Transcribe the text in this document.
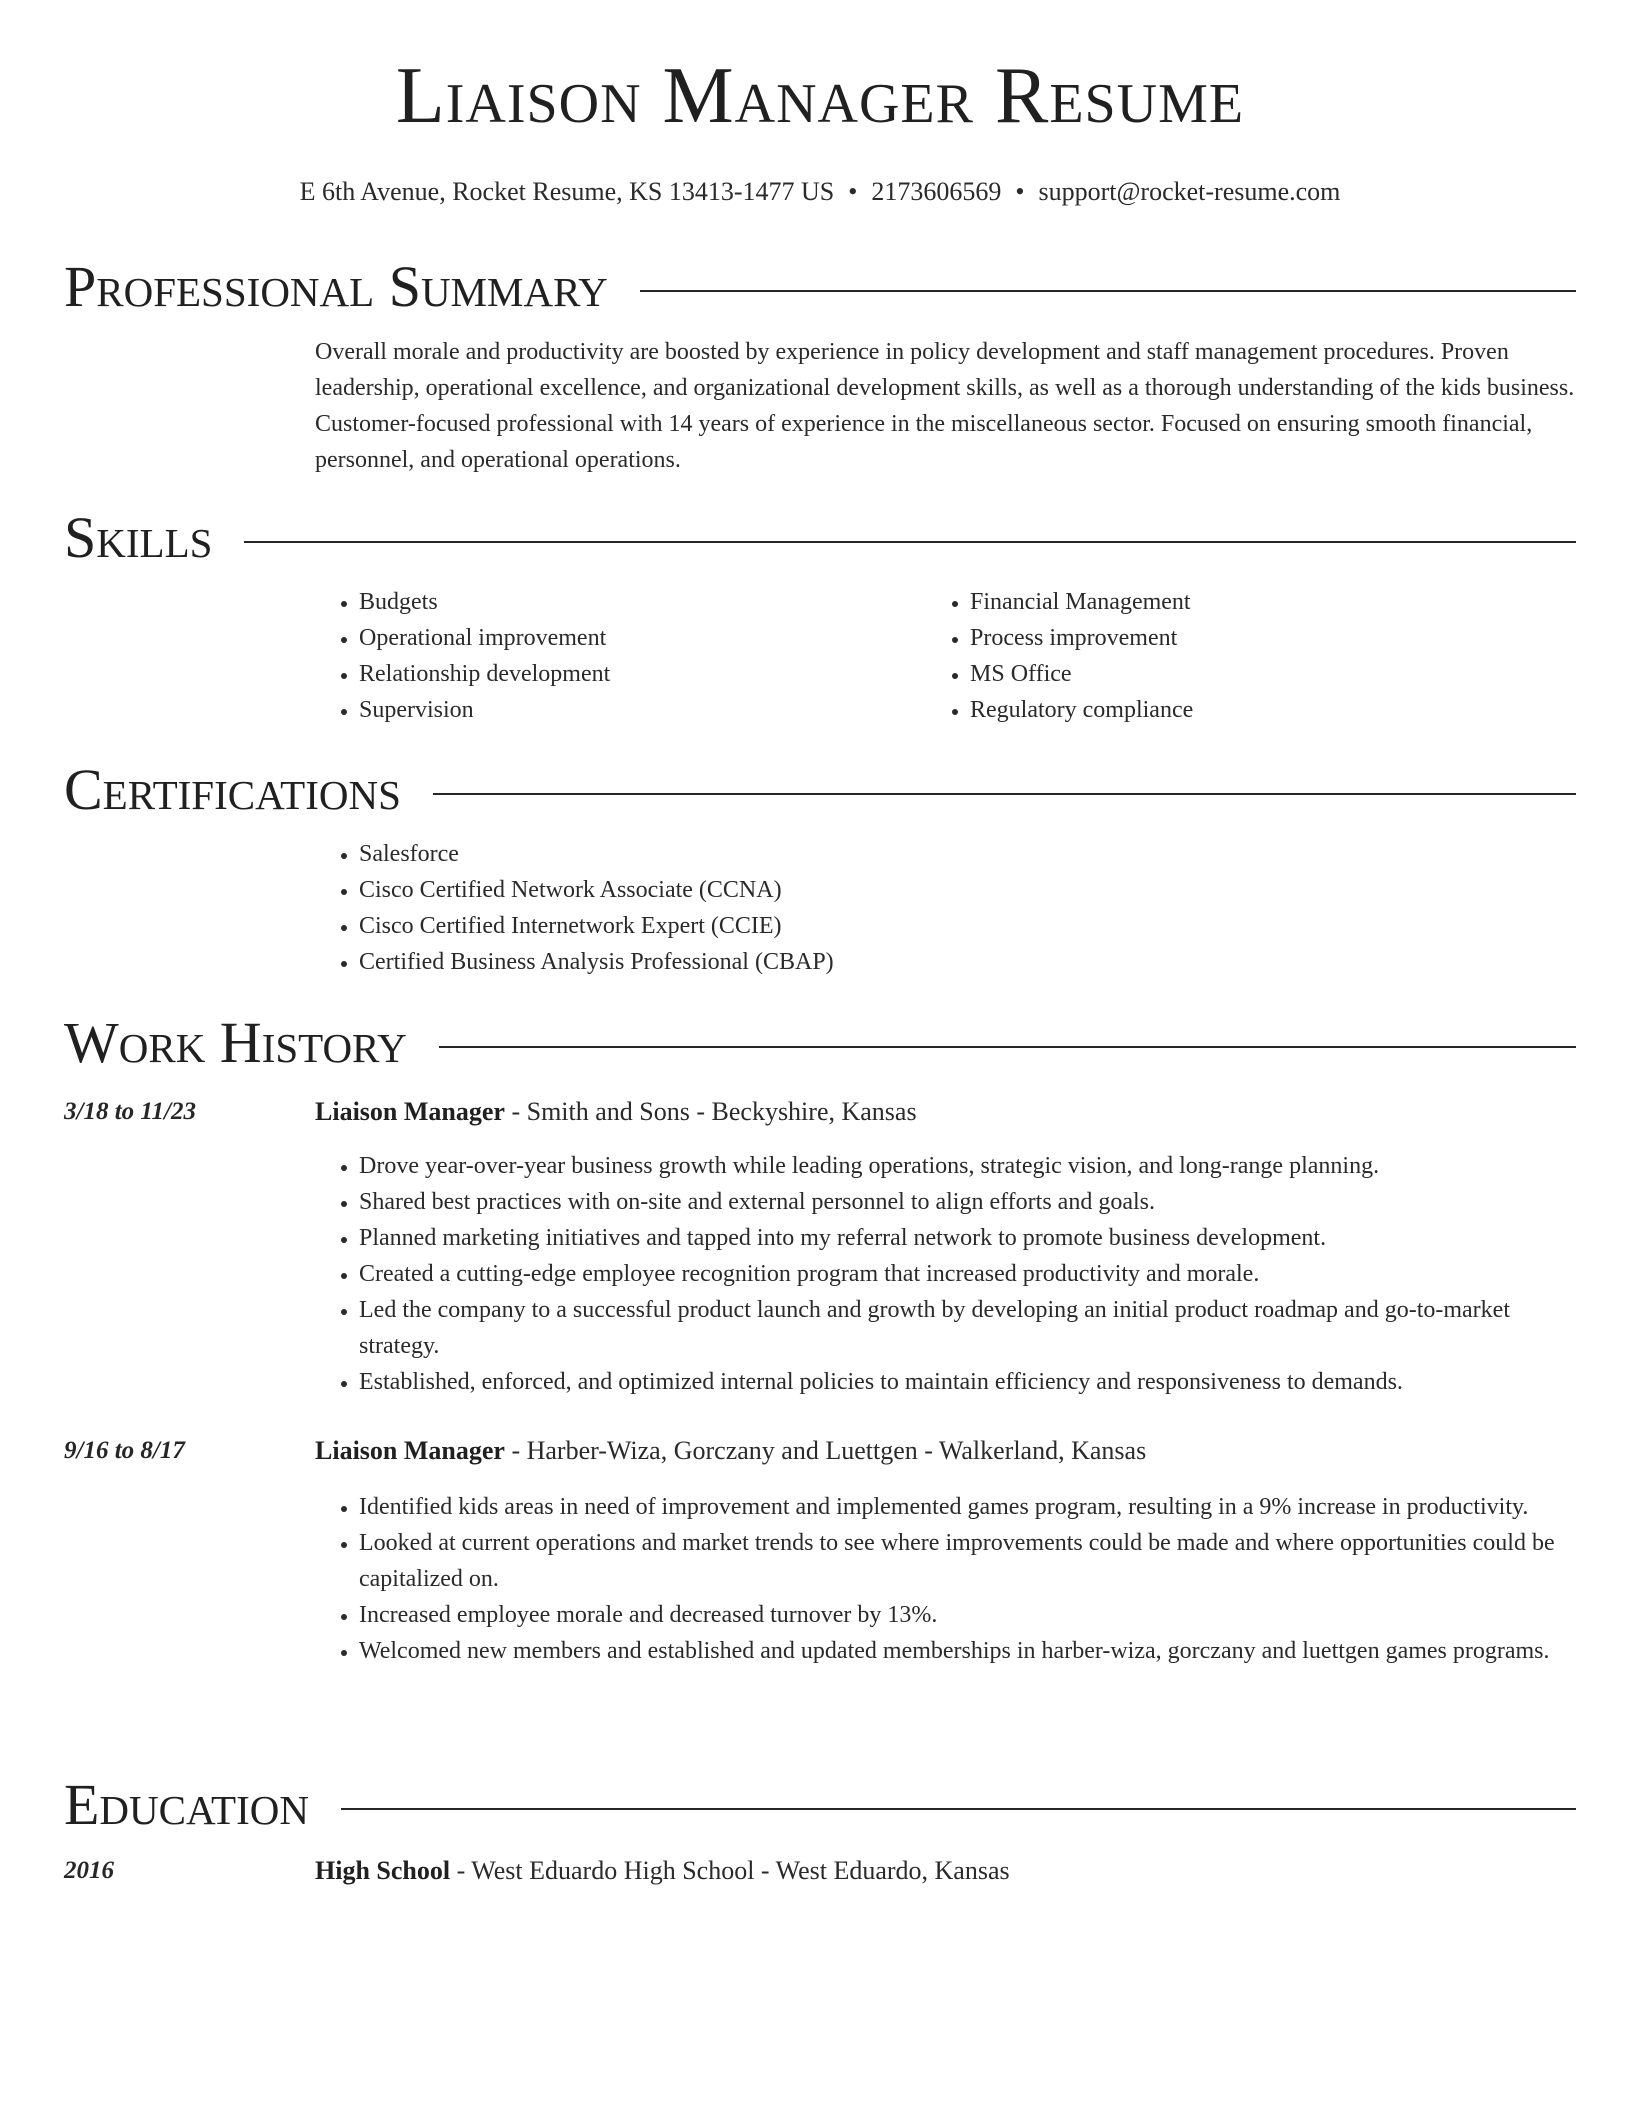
Liaison Manager Resume
E 6th Avenue, Rocket Resume, KS 13413-1477 US • 2173606569 • support@rocket-resume.com
Professional Summary

Overall morale and productivity are boosted by experience in policy development and staff management procedures. Proven leadership, operational excellence, and organizational development skills, as well as a thorough understanding of the kids business. Customer-focused professional with 14 years of experience in the miscellaneous sector. Focused on ensuring smooth financial, personnel, and operational operations.

Skills
• Budgets
• Operational improvement
• Relationship development
• Supervision
• Financial Management
• Process improvement
• MS Office
• Regulatory compliance
Certifications
• Salesforce
• Cisco Certified Network Associate (CCNA)
• Cisco Certified Internetwork Expert (CCIE)
• Certified Business Analysis Professional (CBAP)
Work History
3/18 to 11/23	Liaison Manager - Smith and Sons - Beckyshire, Kansas
• Drove year-over-year business growth while leading operations, strategic vision, and long-range planning.
• Shared best practices with on-site and external personnel to align efforts and goals.
• Planned marketing initiatives and tapped into my referral network to promote business development.
• Created a cutting-edge employee recognition program that increased productivity and morale.
• Led the company to a successful product launch and growth by developing an initial product roadmap and go-to-market strategy.
• Established, enforced, and optimized internal policies to maintain efficiency and responsiveness to demands.
9/16 to 8/17	Liaison Manager - Harber-Wiza, Gorczany and Luettgen - Walkerland, Kansas
• Identified kids areas in need of improvement and implemented games program, resulting in a 9% increase in productivity.
• Looked at current operations and market trends to see where improvements could be made and where opportunities could be capitalized on.
• Increased employee morale and decreased turnover by 13%.
• Welcomed new members and established and updated memberships in harber-wiza, gorczany and luettgen games programs.
Education
2016	High School - West Eduardo High School - West Eduardo, Kansas
